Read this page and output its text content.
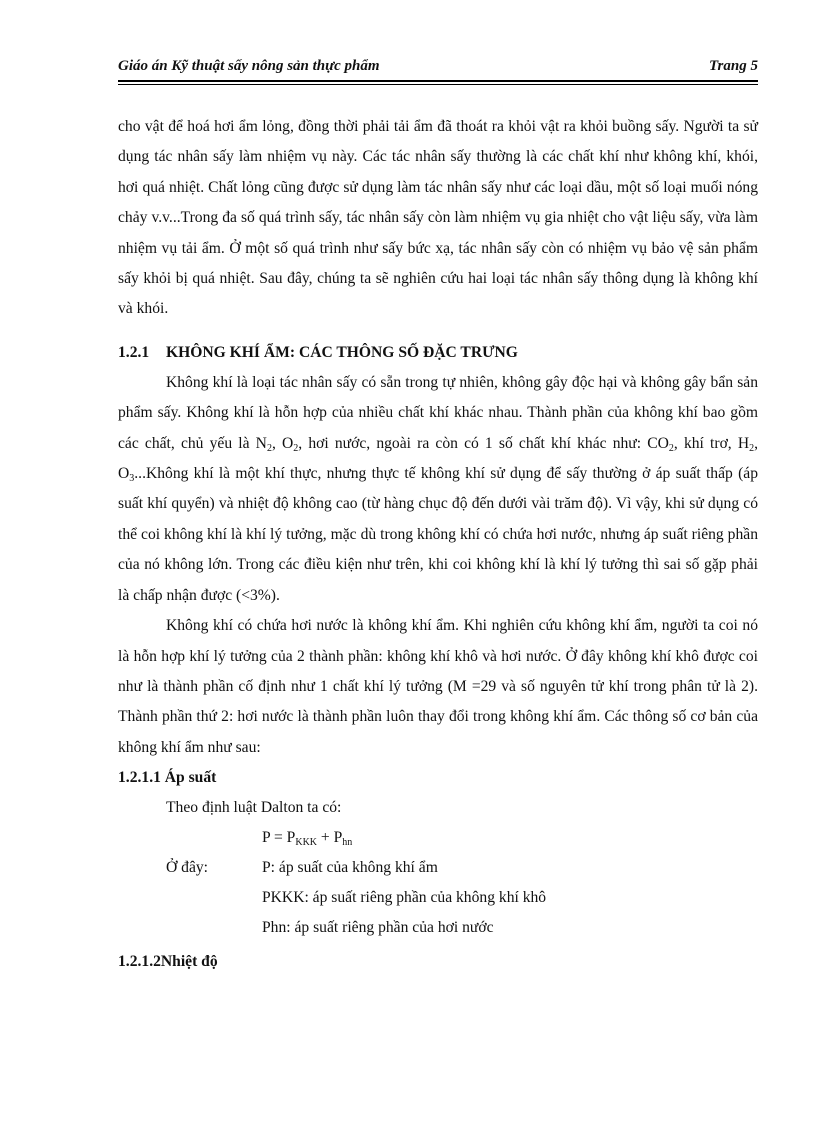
Giáo án Kỹ thuật sấy nông sản thực phẩm	Trang 5

cho vật để hoá hơi ẩm lỏng, đồng thời phải tải ẩm đã thoát ra khỏi vật ra khỏi buồng sấy. Người ta sử dụng tác nhân sấy làm nhiệm vụ này. Các tác nhân sấy thường là các chất khí như không khí, khói, hơi quá nhiệt. Chất lỏng cũng được sử dụng làm tác nhân sấy như các loại dầu, một số loại muối nóng chảy v.v...Trong đa số quá trình sấy, tác nhân sấy còn làm nhiệm vụ gia nhiệt cho vật liệu sấy, vừa làm nhiệm vụ tải ẩm. Ở một số quá trình như sấy bức xạ, tác nhân sấy còn có nhiệm vụ bảo vệ sản phẩm sấy khỏi bị quá nhiệt. Sau đây, chúng ta sẽ nghiên cứu hai loại tác nhân sấy thông dụng là không khí và khói.

1.2.1 KHÔNG KHÍ ẨM: CÁC THÔNG SỐ ĐẶC TRƯNG

Không khí là loại tác nhân sấy có sẵn trong tự nhiên, không gây độc hại và không gây bẩn sản phẩm sấy. Không khí là hỗn hợp của nhiều chất khí khác nhau. Thành phần của không khí bao gồm các chất, chủ yếu là $N_2$, $O_2$, hơi nước, ngoài ra còn có 1 số chất khí khác như: $CO_2$, khí trơ, $H_2$, $O_3...Không$ khí là một khí thực, nhưng thực tế không khí sử dụng để sấy thường ở áp suất thấp (áp suất khí quyển) và nhiệt độ không cao (từ hàng chục độ đến dưới vài trăm độ). Vì vậy, khi sử dụng có thể coi không khí là khí lý tưởng, mặc dù trong không khí có chứa hơi nước, nhưng áp suất riêng phần của nó không lớn. Trong các điều kiện như trên, khi coi không khí là khí lý tưởng thì sai số gặp phải là chấp nhận được (<3%).

Không khí có chứa hơi nước là không khí ẩm. Khi nghiên cứu không khí ẩm, người ta coi nó là hỗn hợp khí lý tưởng của 2 thành phần: không khí khô và hơi nước. Ở đây không khí khô được coi như là thành phần cố định như 1 chất khí lý tưởng (M =29 và số nguyên tử khí trong phân tử là 2). Thành phần thứ 2: hơi nước là thành phần luôn thay đổi trong không khí ẩm. Các thông số cơ bản của không khí ẩm như sau:

1.2.1.1 Áp suất
Theo định luật Dalton ta có:
$P = P_{KKK} + P_{hn}$
Ở đây:	P: áp suất của không khí ẩm
PKKK: áp suất riêng phần của không khí khô
Phn: áp suất riêng phần của hơi nước
1.2.1.2Nhiệt độ
